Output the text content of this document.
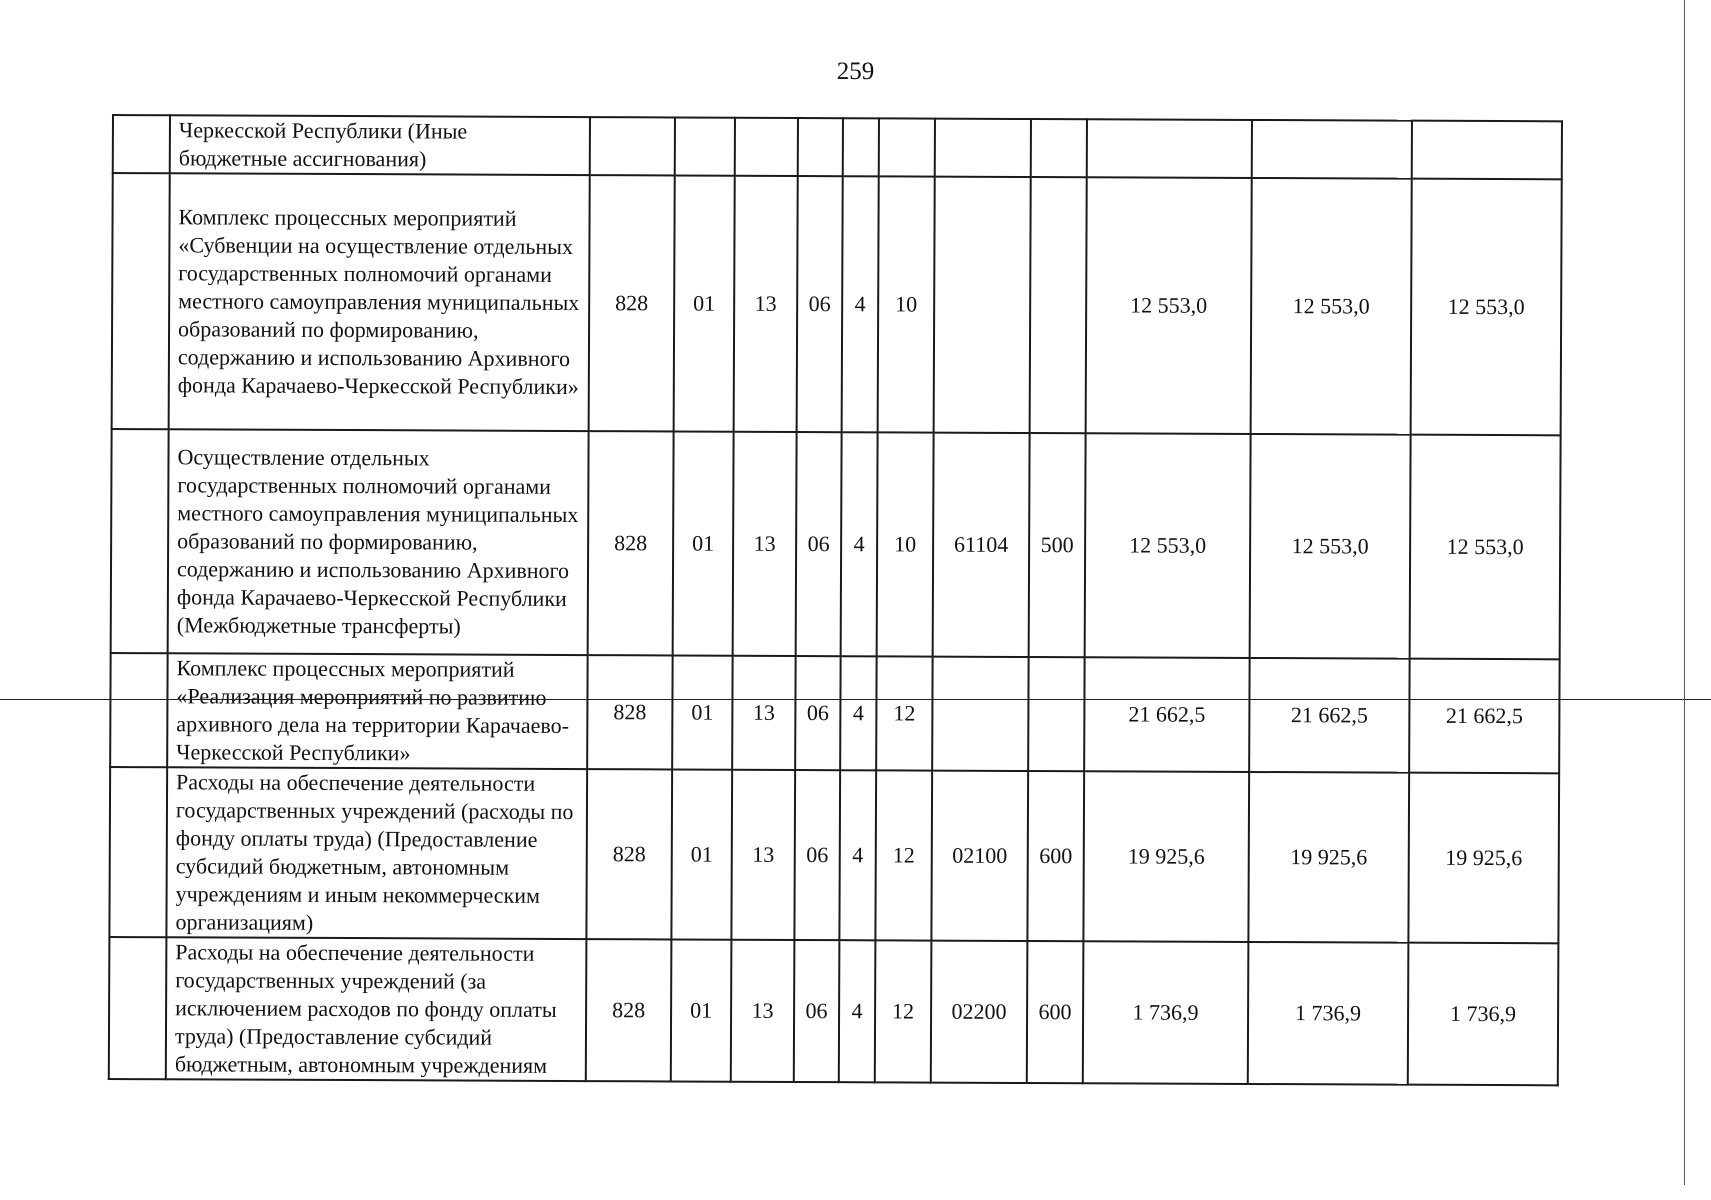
259
	Черкесской Республики (Иные бюджетные ассигнования)											
	Комплекс процессных мероприятий «Субвенции на осуществление отдельных государственных полномочий органами местного самоуправления муниципальных образований по формированию, содержанию и использованию Архивного фонда Карачаево-Черкесской Республики»	828	01	13	06	4	10			12 553,0	12 553,0	12 553,0
	Осуществление отдельных государственных полномочий органами местного самоуправления муниципальных образований по формированию, содержанию и использованию Архивного фонда Карачаево-Черкесской Республики (Межбюджетные трансферты)	828	01	13	06	4	10	61104	500	12 553,0	12 553,0	12 553,0
	Комплекс процессных мероприятий «Реализация мероприятий по развитию архивного дела на территории Карачаево-Черкесской Республики»	828	01	13	06	4	12			21 662,5	21 662,5	21 662,5
	Расходы на обеспечение деятельности государственных учреждений (расходы по фонду оплаты труда) (Предоставление субсидий бюджетным, автономным учреждениям и иным некоммерческим организациям)	828	01	13	06	4	12	02100	600	19 925,6	19 925,6	19 925,6
	Расходы на обеспечение деятельности государственных учреждений (за исключением расходов по фонду оплаты труда) (Предоставление субсидий бюджетным, автономным учреждениям	828	01	13	06	4	12	02200	600	1 736,9	1 736,9	1 736,9
